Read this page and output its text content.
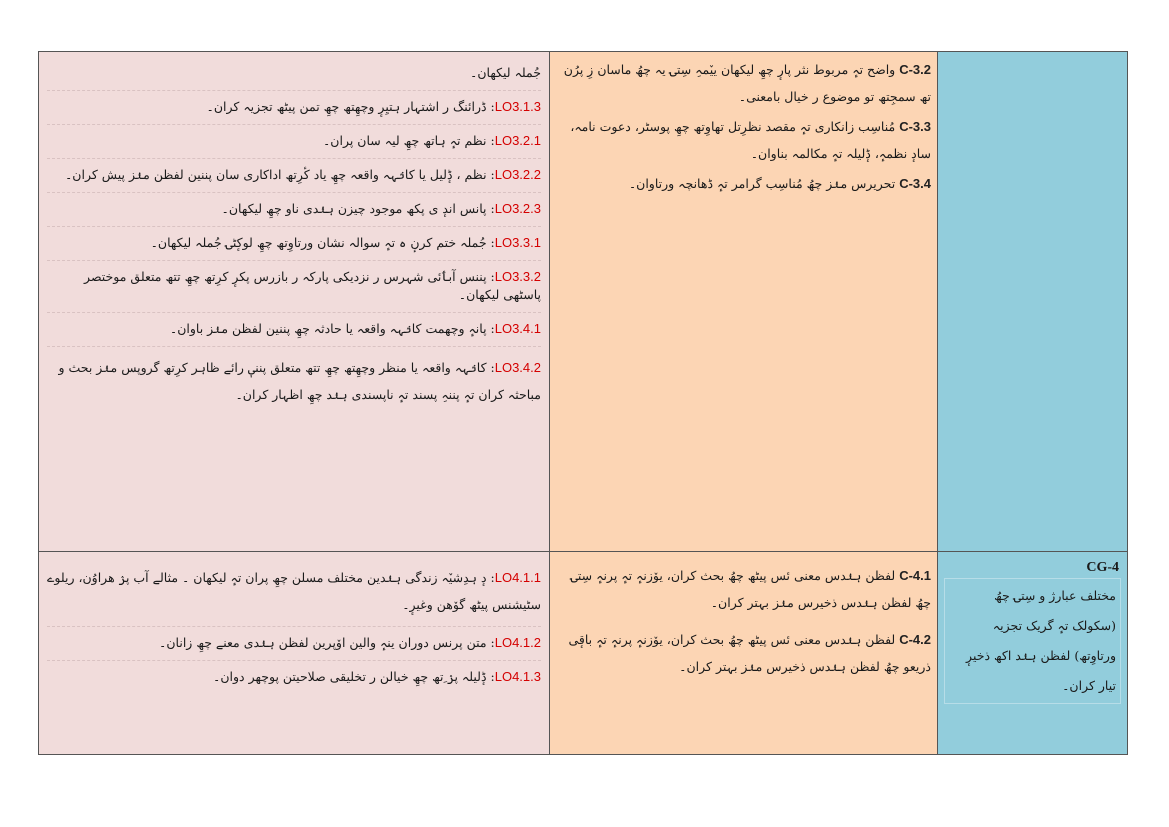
جُملہ لیکھان۔
LO3.1.3: ڈرائنگ ر اشتہار ہتیِرٕ وچھِتھ چھِ تمن پیٹھ تجزیہ کران۔
LO3.2.1: نظم تہٕ ہاتھ چھِ لیہ سان پران۔
LO3.2.2: نظم ، ڈٕلیل یا کانٛہہ واقعہ چھِ یاد کٔرِتھ اداکاری سان پننین لفظن منٛز پیش کران۔
LO3.2.3: پانس اندٕ ی پکھ موجود چیزن ہنٛدی ناو چھِ لیکھان۔
LO3.3.1: جُملہ ختم کرنٕ ہ تہٕ سوالہ نشان ورتاوِتھ چھِ لوکٕٹۍ جُملہ لیکھان۔
LO3.3.2: پننس آبٲئی شہرس ر نزدیکی پارکہ ر بازرس پکرٕ کرِتھ چھِ تتھ متعلق موختصر پاسٹھی لیکھان۔
LO3.4.1: پانہٕ وچھمت کانٛہہ واقعہ یا حادثہ چھِ پننین لفظن منٛز باوان۔
LO3.4.2: کانٛہہ واقعہ یا منظر وچھِتھ چھِ تتھ متعلق پننیٖ رائے ظاہر کرِتھ گروپس منٛز بحث و مباحثہ کران تہٕ پننہِ پسند تہٕ ناپسندی ہنٛد چھِ اظہار کران۔
C-3.2 واضح تہٕ مربوط نثر پارٕ چھِ لیکھان ییٚمہِ سِتۍ یہ چھُ ماسان زِ پرُن تھ سمجِتھ تو موضوع ر خیال بامعنی۔
C-3.3 مُناسِب زانکاری تہٕ مقصد نظرِتل تھاوِتھ چھِ پوسٹر، دعوت نامہ، سادٕ نظمہٕ، ڈٕلیلہ تہٕ مکالمہ بناوان۔
C-3.4 تحریرس منٛز چھُ مُناسِب گرامر تہٕ ڈھانچہ ورتاوان۔
LO4.1.1: دٕ ہدِشیٚہ زندگی ہنٛدین مختلف مسلن چھِ پران تہٕ لیکھان ۔ مثالے آب پرٛ ھراوُن، ریلوے سٹیشنس پیٹھ گوٚھن وغیرٕ۔
LO4.1.2: متن پرنس دوران ینہٕ والین اوٚپرین لفظن ہنٛدی معنے چھِ زانان۔
LO4.1.3: ڈٕلیلہ پرٛ ِتھ چھِ خیالن ر تخلیقی صلاحیتن پوچھر دوان۔
C-4.1 لفظن ہنٛدس معنی ئس پیٹھ چھُ بحث کران، یوٚزنہٕ تہٕ پرنہٕ سِتۍ چھُ لفظن ہنٛدس ذخیرس منٛز بہتر کران۔
C-4.2 لفظن ہنٛدس معنی ئس پیٹھ چھُ بحث کران، یوٚزنہٕ پرنہٕ تہٕ باقٕی ذریعو چھُ لفظن ہنٛدس ذخیرس منٛز بہتر کران۔
CG-4
مختلف عبارژ و سِتۍ چھُ (سکولک تہٕ گریک تجزیہ ورتاوِتھ) لفظن ہنٛد اکھ ذخیرٕ تیار کران۔
